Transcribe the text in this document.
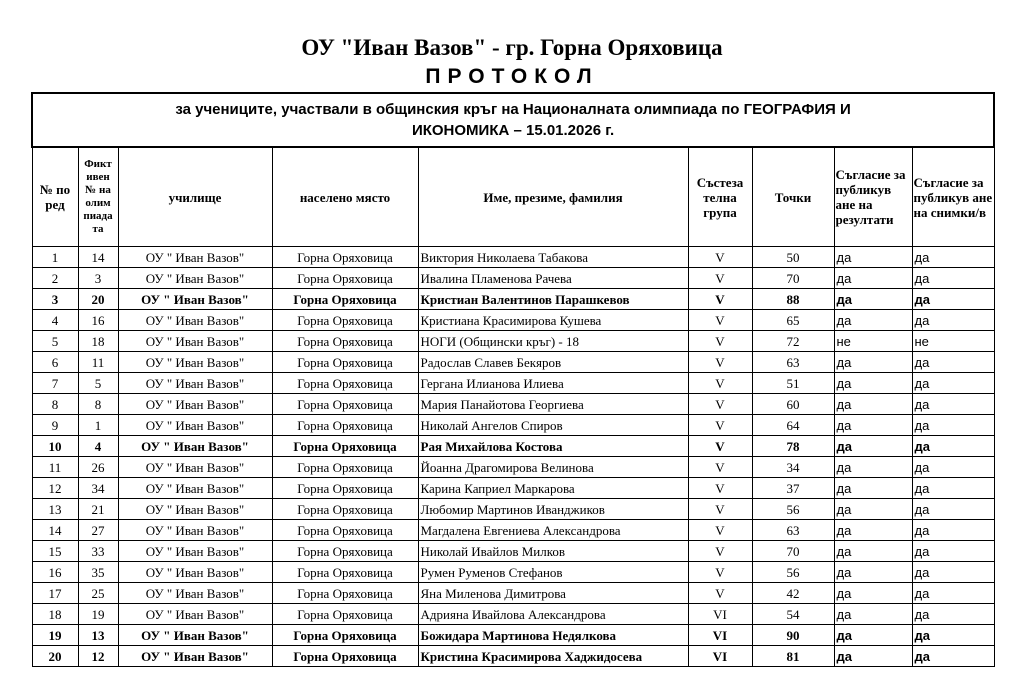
ОУ "Иван Вазов" - гр. Горна Оряховица
ПРОТОКОЛ
за учениците, участвали в общинския кръг на Националната олимпиада по ГЕОГРАФИЯ И
ИКОНОМИКА – 15.01.2026 г.								
№ по ред	Фикт ивен № на олим пиада та	училище	населено място	Име, презиме, фамилия	Състеза телна група	Точки	Съгласие за публикув ане на резултати	Съгласие за публикув ане на снимки/в
1	14	ОУ " Иван Вазов"	Горна Оряховица	Виктория Николаева Табакова	V	50	да	да
2	3	ОУ " Иван Вазов"	Горна Оряховица	Ивалина Пламенова Рачева	V	70	да	да
3	20	ОУ " Иван Вазов"	Горна Оряховица	Кристиан Валентинов Парашкевов	V	88	да	да
4	16	ОУ " Иван Вазов"	Горна Оряховица	Кристиана Красимирова Кушева	V	65	да	да
5	18	ОУ " Иван Вазов"	Горна Оряховица	НОГИ (Общински кръг) - 18	V	72	не	не
6	11	ОУ " Иван Вазов"	Горна Оряховица	Радослав Славев Бекяров	V	63	да	да
7	5	ОУ " Иван Вазов"	Горна Оряховица	Гергана Илианова Илиева	V	51	да	да
8	8	ОУ " Иван Вазов"	Горна Оряховица	Мария Панайотова Георгиева	V	60	да	да
9	1	ОУ " Иван Вазов"	Горна Оряховица	Николай Ангелов Спиров	V	64	да	да
10	4	ОУ " Иван Вазов"	Горна Оряховица	Рая Михайлова Костова	V	78	да	да
11	26	ОУ " Иван Вазов"	Горна Оряховица	Йоанна Драгомирова Велинова	V	34	да	да
12	34	ОУ " Иван Вазов"	Горна Оряховица	Карина Каприел Маркарова	V	37	да	да
13	21	ОУ " Иван Вазов"	Горна Оряховица	Любомир Мартинов Иванджиков	V	56	да	да
14	27	ОУ " Иван Вазов"	Горна Оряховица	Магдалена Евгениева Александрова	V	63	да	да
15	33	ОУ " Иван Вазов"	Горна Оряховица	Николай Ивайлов Милков	V	70	да	да
16	35	ОУ " Иван Вазов"	Горна Оряховица	Румен Руменов Стефанов	V	56	да	да
17	25	ОУ " Иван Вазов"	Горна Оряховица	Яна Миленова Димитрова	V	42	да	да
18	19	ОУ " Иван Вазов"	Горна Оряховица	Адрияна Ивайлова Александрова	VI	54	да	да
19	13	ОУ " Иван Вазов"	Горна Оряховица	Божидара Мартинова Недялкова	VI	90	да	да
20	12	ОУ " Иван Вазов"	Горна Оряховица	Кристина Красимирова Хаджидосева	VI	81	да	да
